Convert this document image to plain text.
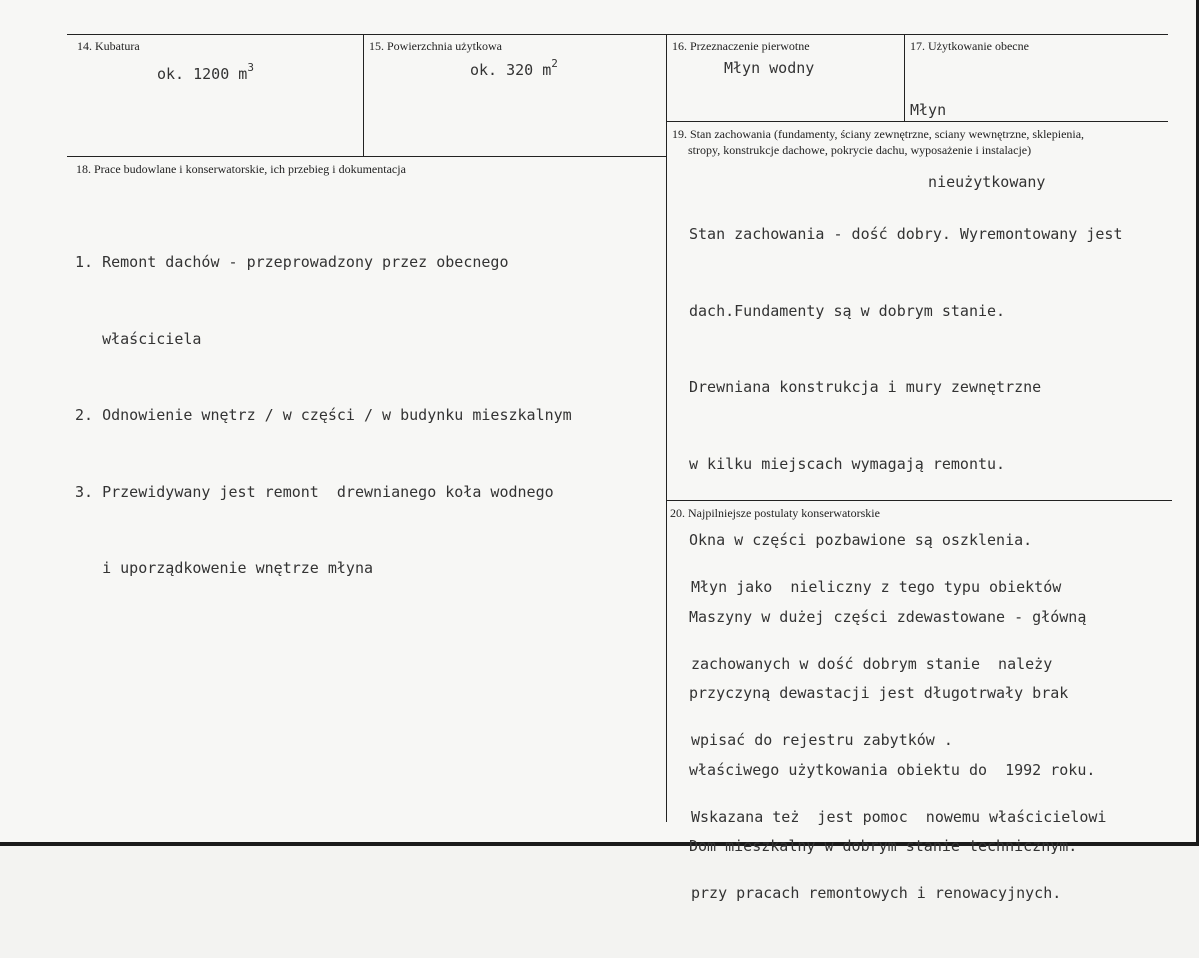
14. Kubatura
ok. 1200 $m^3$
15. Powierzchnia użytkowa
ok. 320 $m^2$
16. Przeznaczenie pierwotne
Młyn wodny
17. Użytkowanie obecne

Młyn

nieużytkowany

18. Prace budowlane i konserwatorskie, ich przebieg i dokumentacja

1. Remont dachów - przeprowadzony przez obecnego

właściciela

2. Odnowienie wnętrz / w części / w budynku mieszkalnym

3. Przewidywany jest remont  drewnianego koła wodnego

i uporządkowenie wnętrze młyna

19. Stan zachowania (fundamenty, ściany zewnętrzne, sciany wewnętrzne, sklepienia,
stropy, konstrukcje dachowe, pokrycie dachu, wyposażenie i instalacje)

Stan zachowania - dość dobry. Wyremontowany jest

dach.Fundamenty są w dobrym stanie.

Drewniana konstrukcja i mury zewnętrzne

w kilku miejscach wymagają remontu.

Okna w części pozbawione są oszklenia.

Maszyny w dużej części zdewastowane - główną

przyczyną dewastacji jest długotrwały brak

właściwego użytkowania obiektu do  1992 roku.

Dom mieszkalny w dobrym stanie technicznym.

20. Najpilniejsze postulaty konserwatorskie

Młyn jako  nieliczny z tego typu obiektów

zachowanych w dość dobrym stanie  należy

wpisać do rejestru zabytków .

Wskazana też  jest pomoc  nowemu właścicielowi

przy pracach remontowych i renowacyjnych.
